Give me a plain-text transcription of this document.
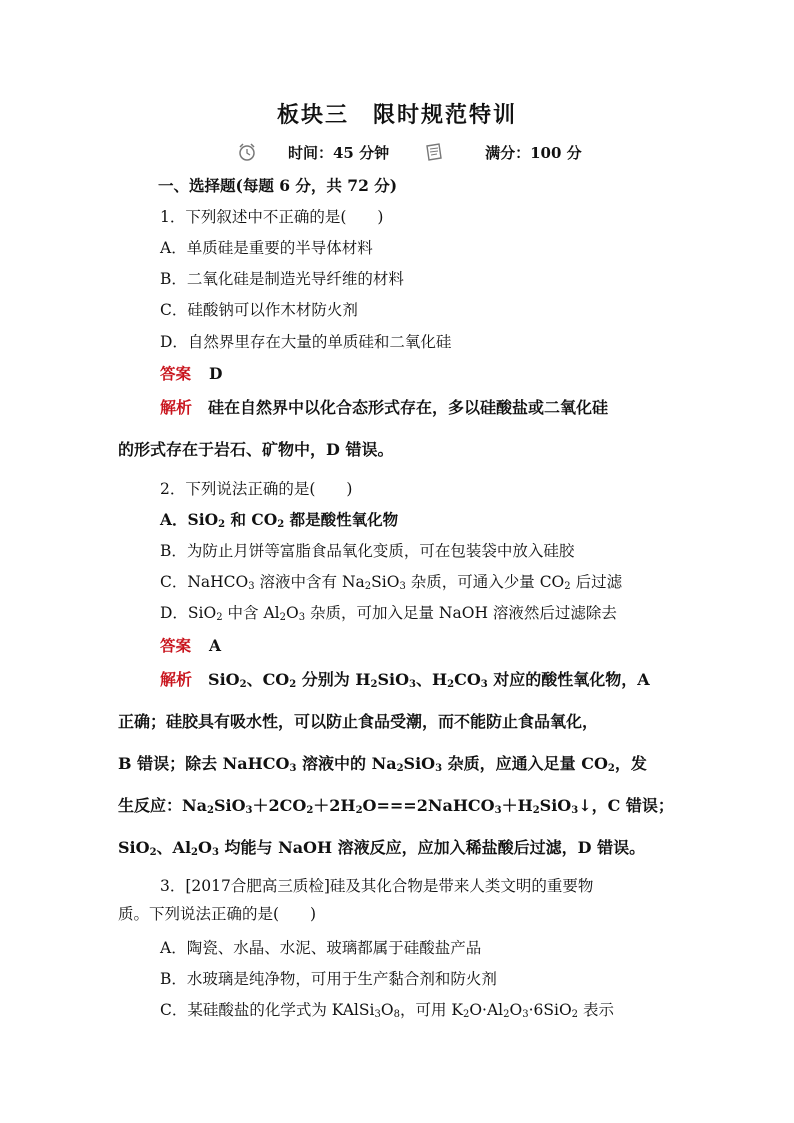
板块三　限时规范特训
时间：45 分钟	满分：100 分
一、选择题(每题 6 分，共 72 分)
1．下列叙述中不正确的是(　　)
A．单质硅是重要的半导体材料
B．二氧化硅是制造光导纤维的材料
C．硅酸钠可以作木材防火剂
D．自然界里存在大量的单质硅和二氧化硅
答案 D
解析　 硅在自然界中以化合态形式存在，多以硅酸盐或二氧化硅
的形式存在于岩石、矿物中，D 错误。
2．下列说法正确的是(　　)
A．SiO$_2$ 和 $CO_2$ 都是酸性氧化物
B．为防止月饼等富脂食品氧化变质，可在包装袋中放入硅胶
C．NaHCO$_3$ 溶液中含有 $Na_2SiO_3$ 杂质，可通入少量 $CO_2$ 后过滤
D．SiO$_2$ 中含 $Al_2O_3$ 杂质，可加入足量 NaOH 溶液然后过滤除去
答案 A
解析　SiO$_2$、$CO_2$ 分别为 $H_2SiO_3$、$H_2CO_3$ 对应的酸性氧化物，A
正确；硅胶具有吸水性，可以防止食品受潮，而不能防止食品氧化，
B 错误；除去 NaHCO$_3$ 溶液中的 $Na_2SiO_3$ 杂质，应通入足量 $CO_2$，发
生反应：$Na_2SiO_3+2CO_2+2H_2O===2NaHCO_3+H_2SiO_3↓$，C 错误；
SiO$_2$、$Al_2O_3$ 均能与 NaOH 溶液反应，应加入稀盐酸后过滤，D 错误。
3．[2017合肥高三质检]硅及其化合物是带来人类文明的重要物
质。下列说法正确的是(　　)
A．陶瓷、水晶、水泥、玻璃都属于硅酸盐产品
B．水玻璃是纯净物，可用于生产黏合剂和防火剂
C．某硅酸盐的化学式为 $KAlSi_3O_8$，可用 $K_2O\cdot Al_2O_3\cdot 6SiO_2$ 表示
